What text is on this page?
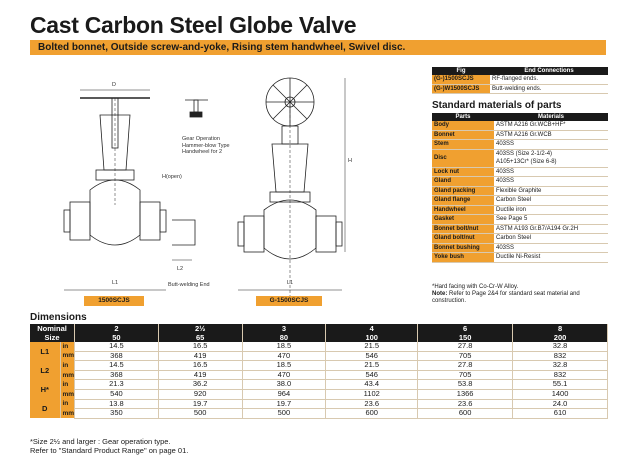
Cast Carbon Steel Globe Valve
Bolted bonnet, Outside screw-and-yoke, Rising stem handwheel, Swivel disc.
D
H(open)
L1
L2
Butt-welding End
Gear Operation
Hammer-blow Type
Handwheel for 2
L1
H
1500SCJS	G-1500SCJS
Fig	End Connections
(G-)1500SCJS	RF-flanged ends.
(G-)W1500SCJS	Butt-welding ends.
Standard materials of parts
Parts	Materials
Body	ASTM A216 Gr.WCB+HF*
Bonnet	ASTM A216 Gr.WCB
Stem	403SS
Disc	403SS (Size 2-1/2-4)
A105+13Cr* (Size 6-8)
Lock nut	403SS
Gland	403SS
Gland packing	Flexible Graphite
Gland flange	Carbon Steel
Handwheel	Ductile iron
Gasket	See Page 5
Bonnet bolt/nut	ASTM A193 Gr.B7/A194 Gr.2H
Gland bolt/nut	Carbon Steel
Bonnet bushing	403SS
Yoke bush	Ductile Ni-Resist
*Hard facing with Co-Cr-W Alloy.
Note: Refer to Page 2&4 for standard seat material and construction.
Dimensions
Nominal		2	2½	3	4	6	8
Size		50	65	80	100	150	200
L1	in	14.5	16.5	18.5	21.5	27.8	32.8
	mm	368	419	470	546	705	832
L2	in	14.5	16.5	18.5	21.5	27.8	32.8
	mm	368	419	470	546	705	832
H*	in	21.3	36.2	38.0	43.4	53.8	55.1
	mm	540	920	964	1102	1366	1400
D	in	13.8	19.7	19.7	23.6	23.6	24.0
	mm	350	500	500	600	600	610
*Size 2½ and larger : Gear operation type.
Refer to "Standard Product Range" on page 01.
